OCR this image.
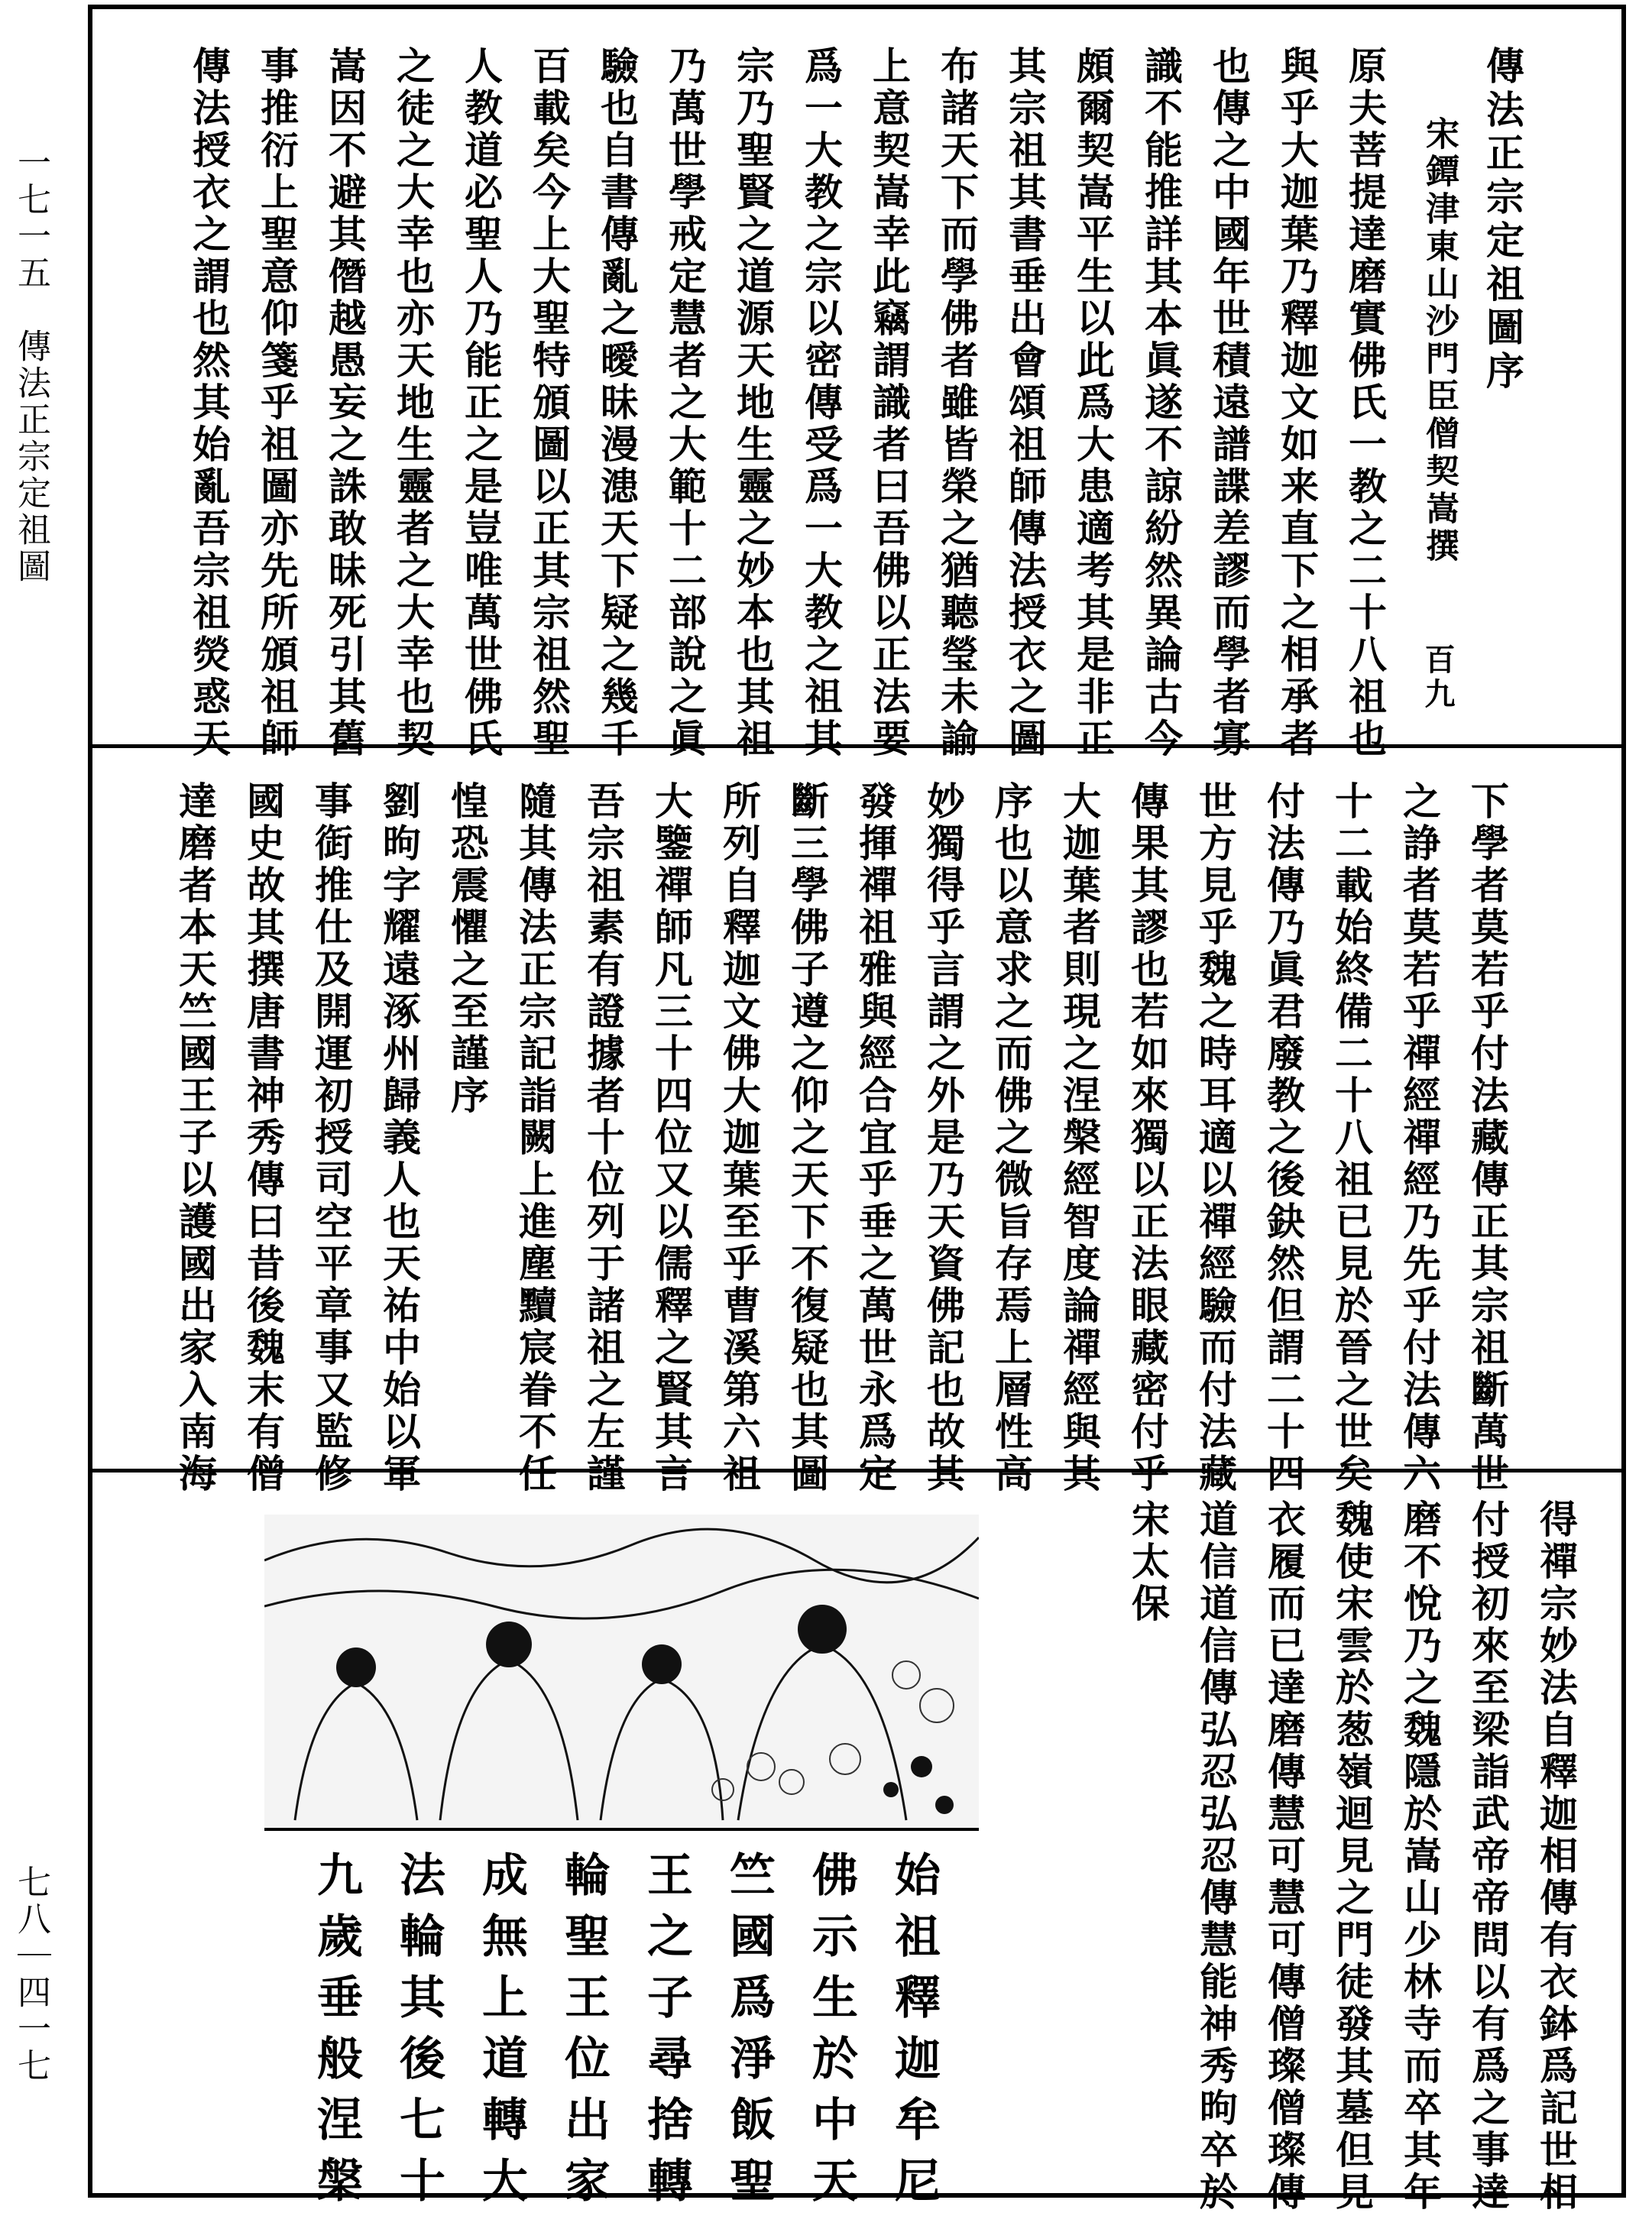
一七一五　傳法正宗定祖圖
七八｜四一七
傳法正宗定祖圖序
宋鐔津東山沙門臣僧契嵩撰
百九
原夫菩提達磨實佛氏一教之二十八祖也
與乎大迦葉乃釋迦文如来直下之相承者
也傳之中國年世積遠譜諜差謬而學者寡
識不能推詳其本眞遂不諒紛然異論古今
頗爾契嵩平生以此爲大患適考其是非正
其宗祖其書垂出會頌祖師傳法授衣之圖
布諸天下而學佛者雖皆榮之猶聽瑩未諭
上意契嵩幸此竊謂識者曰吾佛以正法要
爲一大教之宗以密傳受爲一大教之祖其
宗乃聖賢之道源天地生靈之妙本也其祖
乃萬世學戒定慧者之大範十二部說之眞
驗也自書傳亂之曖昧漫漶天下疑之幾千
百載矣今上大聖特頒圖以正其宗祖然聖
人教道必聖人乃能正之是豈唯萬世佛氏
之徒之大幸也亦天地生靈者之大幸也契
嵩因不避其僭越愚妄之誅敢昧死引其舊
事推衍上聖意仰箋乎祖圖亦先所頒祖師
傳法授衣之謂也然其始亂吾宗祖熒惑天
下學者莫若乎付法藏傳正其宗祖斷萬世
之諍者莫若乎禪經禪經乃先乎付法傳六
十二載始終備二十八祖已見於晉之世矣
付法傳乃眞君廢教之後鈌然但謂二十四
世方見乎魏之時耳適以禪經驗而付法藏
傳果其謬也若如來獨以正法眼藏密付乎
大迦葉者則現之涅槃經智度論禪經與其
序也以意求之而佛之微旨存焉上層性高
妙獨得乎言謂之外是乃天資佛記也故其
發揮禪祖雅與經合宜乎垂之萬世永爲定
斷三學佛子遵之仰之天下不復疑也其圖
所列自釋迦文佛大迦葉至乎曹溪第六祖
大鑒禪師凡三十四位又以儒釋之賢其言
吾宗祖素有證據者十位列于諸祖之左謹
隨其傳法正宗記詣闕上進塵黷宸眷不任
惶恐震懼之至謹序
劉昫字耀遠涿州歸義人也天祐中始以軍
事衘推仕及開運初授司空平章事又監修
國史故其撰唐書神秀傳曰昔後魏末有僧
達磨者本天竺國王子以護國出家入南海
得禪宗妙法自釋迦相傳有衣鉢爲記世相
付授初來至梁詣武帝帝問以有爲之事達
磨不悅乃之魏隱於嵩山少林寺而卒其年
魏使宋雲於葱嶺迴見之門徒發其墓但見
衣履而已達磨傳慧可慧可傳僧璨僧璨傳
道信道信傳弘忍弘忍傳慧能神秀昫卒於
宋太保
始祖釋迦牟尼
佛示生於中天
竺國爲淨飯聖
王之子尋捨轉
輪聖王位出家
成無上道轉大
法輪其後七十
九歲垂般涅槃
